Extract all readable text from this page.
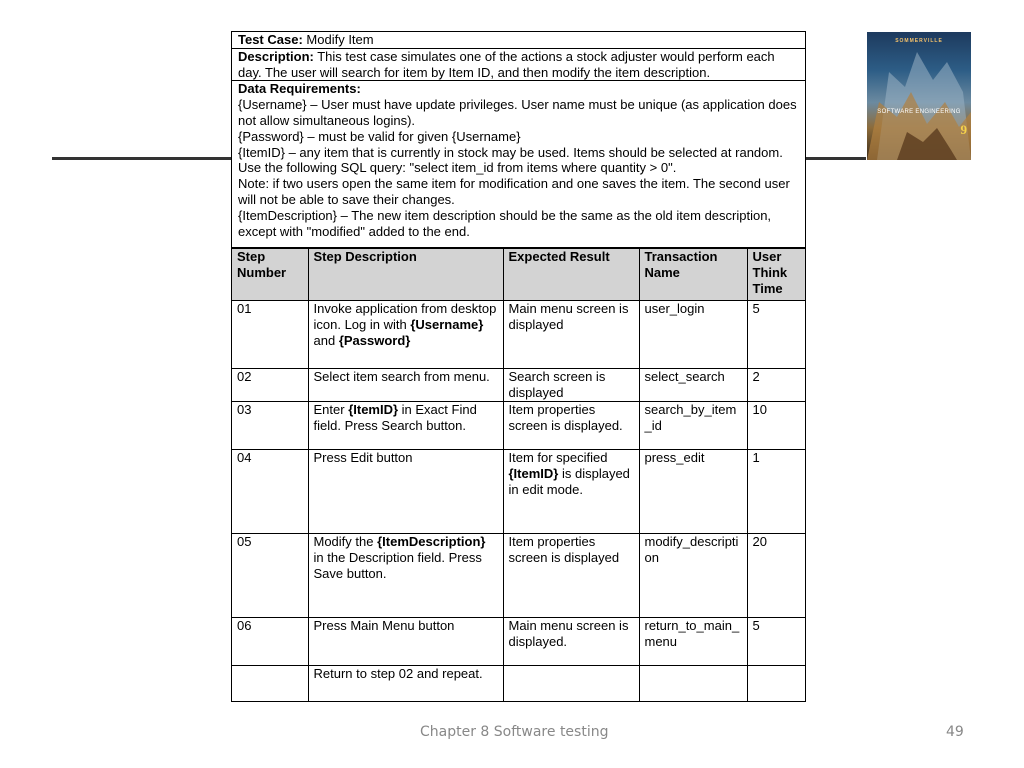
SOMMERVILLE
SOFTWARE ENGINEERING
9
Test Case: Modify Item
Description: This test case simulates one of the actions a stock adjuster would perform each day. The user will search for item by Item ID, and then modify the item description.
Data Requirements:
{Username} – User must have update privileges. User name must be unique (as application does not allow simultaneous logins).
{Password} – must be valid for given {Username}
{ItemID} – any item that is currently in stock may be used. Items should be selected at random. Use the following SQL query: "select item_id from items where quantity > 0".
Note: if two users open the same item for modification and one saves the item. The second user will not be able to save their changes.
{ItemDescription} – The new item description should be the same as the old item description, except with "modified" added to the end.
Step Number	Step Description	Expected Result	Transaction Name	User Think Time
01	Invoke application from desktop icon. Log in with {Username} and {Password}	Main menu screen is displayed	user_login	5
02	Select item search from menu.	Search screen is displayed	select_search	2
03	Enter {ItemID} in Exact Find field. Press Search button.	Item properties screen is displayed.	search_by_item_id	10
04	Press Edit button	Item for specified {ItemID} is displayed in edit mode.	press_edit	1
05	Modify the {ItemDescription} in the Description field. Press Save button.	Item properties screen is displayed	modify_description	20
06	Press Main Menu button	Main menu screen is displayed.	return_to_main_menu	5
	Return to step 02 and repeat.			
Chapter 8 Software testing	49
